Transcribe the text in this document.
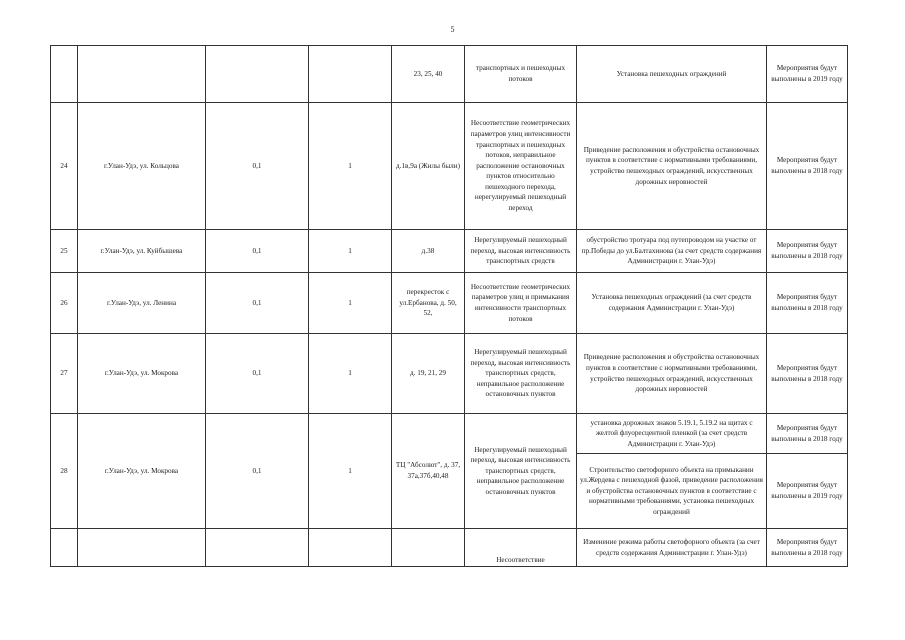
5
				23, 25, 40	транспортных и пешеходных потоков	Установка пешеходных ограждений	Мероприятия будут выполнены в 2019 году
24	г.Улан-Удэ, ул. Кольцова	0,1	1	д.1в,9а (Жилы были)	Несоответствие геометрических параметров улиц интенсивности транспортных и пешеходных потоков, неправильное расположение остановочных пунктов относительно пешеходного перехода, нерегулируемый пешеходный переход	Приведение расположения и обустройства остановочных пунктов в соответствие с нормативными требованиями, устройство пешеходных ограждений, искусственных дорожных неровностей	Мероприятия будут выполнены в 2018 году
25	г.Улан-Удэ, ул. Куйбышева	0,1	1	д.38	Нерегулируемый пешеходный переход, высокая интенсивность транспортных средств	обустройство тротуара под путепроводом на участке от пр.Победы до ул.Балтахинова (за счет средств содержания Администрации г. Улан-Удэ)	Мероприятия будут выполнены в 2018 году
26	г.Улан-Удэ, ул. Ленина	0,1	1	перекресток с ул.Ербанова, д. 50, 52,	Несоответствие геометрических параметров улиц и примыкания интенсивности транспортных потоков	Установка пешеходных ограждений (за счет средств содержания Администрации г. Улан-Удэ)	Мероприятия будут выполнены в 2018 году
27	г.Улан-Удэ, ул. Мокрова	0,1	1	д. 19, 21, 29	Нерегулируемый пешеходный переход, высокая интенсивность транспортных средств, неправильное расположение остановочных пунктов	Приведение расположения и обустройства остановочных пунктов в соответствие с нормативными требованиями, устройство пешеходных ограждений, искусственных дорожных неровностей	Мероприятия будут выполнены в 2018 году
28	г.Улан-Удэ, ул. Мокрова	0,1	1	ТЦ "Абсолют", д. 37, 37а,37б,40,48	Нерегулируемый пешеходный переход, высокая интенсивность транспортных средств, неправильное расположение остановочных пунктов	установка дорожных знаков 5.19.1, 5.19.2 на щитах с желтой флуоресцентной пленкой (за счет средств Администрации г. Улан-Удэ)	Мероприятия будут выполнены в 2018 году
						Строительство светофорного объекта на примыкании ул.Жердева с пешеходной фазой, приведение расположения и обустройства остановочных пунктов в соответствие с нормативными требованиями, установка пешеходных ограждений	Мероприятия будут выполнены в 2019 году
					Несоответствие	Изменение режима работы светофорного объекта (за счет средств содержания Администрации г. Улан-Удэ)	Мероприятия будут выполнены в 2018 году
